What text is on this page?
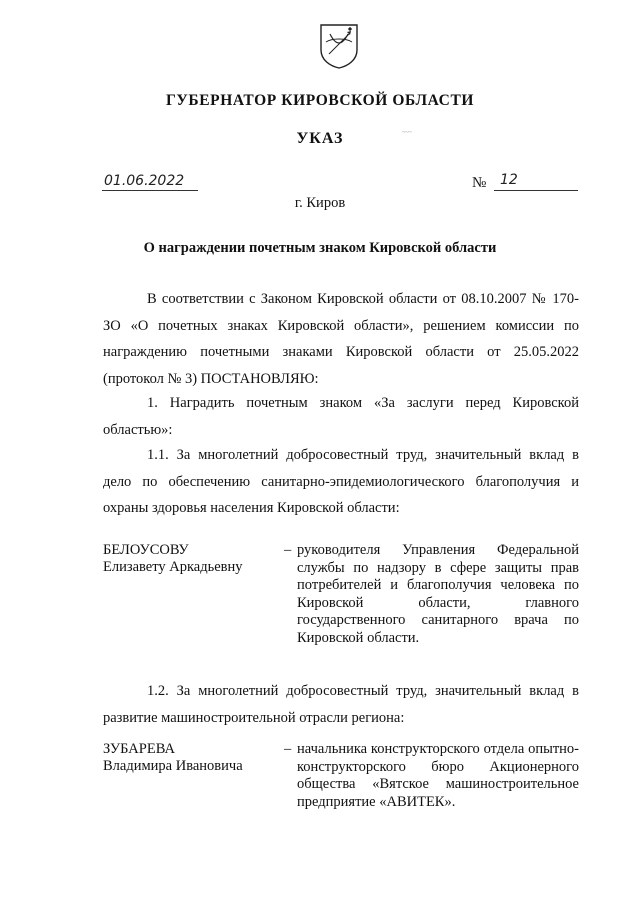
ГУБЕРНАТОР КИРОВСКОЙ ОБЛАСТИ
УКАЗ	~~~
01.06.2022	№ 12
г. Киров
О награждении почетным знаком Кировской области
В соответствии с Законом Кировской области от 08.10.2007 № 170-ЗО «О почетных знаках Кировской области», решением комиссии по награждению почетными знаками Кировской области от 25.05.2022 (протокол № 3) ПОСТАНОВЛЯЮ:
1. Наградить почетным знаком «За заслуги перед Кировской областью»:
1.1. За многолетний добросовестный труд, значительный вклад в дело по обеспечению санитарно-эпидемиологического благополучия и охраны здоровья населения Кировской области:
БЕЛОУСОВУ
Елизавету Аркадьевну
– руководителя Управления Федеральной службы по надзору в сфере защиты прав потребителей и благополучия человека по Кировской области, главного государственного санитарного врача по Кировской области.
1.2. За многолетний добросовестный труд, значительный вклад в развитие машиностроительной отрасли региона:
ЗУБАРЕВА
Владимира Ивановича
– начальника конструкторского отдела опытно-конструкторского бюро Акционерного общества «Вятское машиностроительное предприятие «АВИТЕК».
